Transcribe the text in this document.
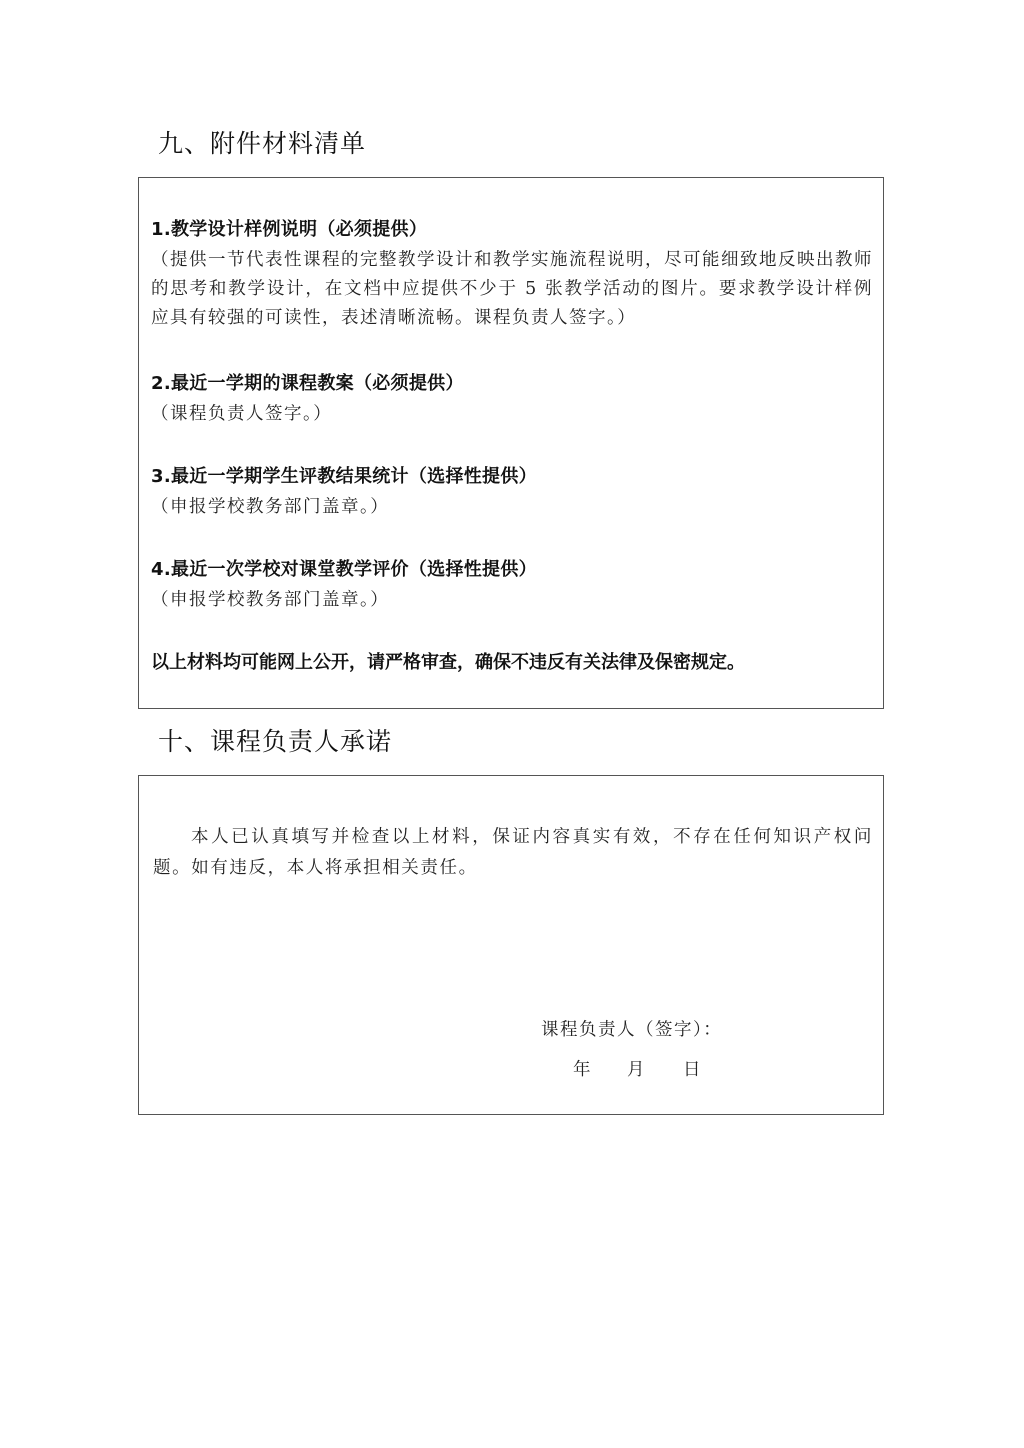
九、附件材料清单

1.教学设计样例说明（必须提供）

（提供一节代表性课程的完整教学设计和教学实施流程说明，尽可能细致地反映出教师的思考和教学设计，在文档中应提供不少于 5 张教学活动的图片。要求教学设计样例应具有较强的可读性，表述清晰流畅。课程负责人签字。）

2.最近一学期的课程教案（必须提供）

（课程负责人签字。）

3.最近一学期学生评教结果统计（选择性提供）

（申报学校教务部门盖章。）

4.最近一次学校对课堂教学评价（选择性提供）

（申报学校教务部门盖章。）

以上材料均可能网上公开，请严格审查，确保不违反有关法律及保密规定。

十、课程负责人承诺

本人已认真填写并检查以上材料，保证内容真实有效，不存在任何知识产权问题。如有违反，本人将承担相关责任。

课程负责人（签字）：

年 月 日
